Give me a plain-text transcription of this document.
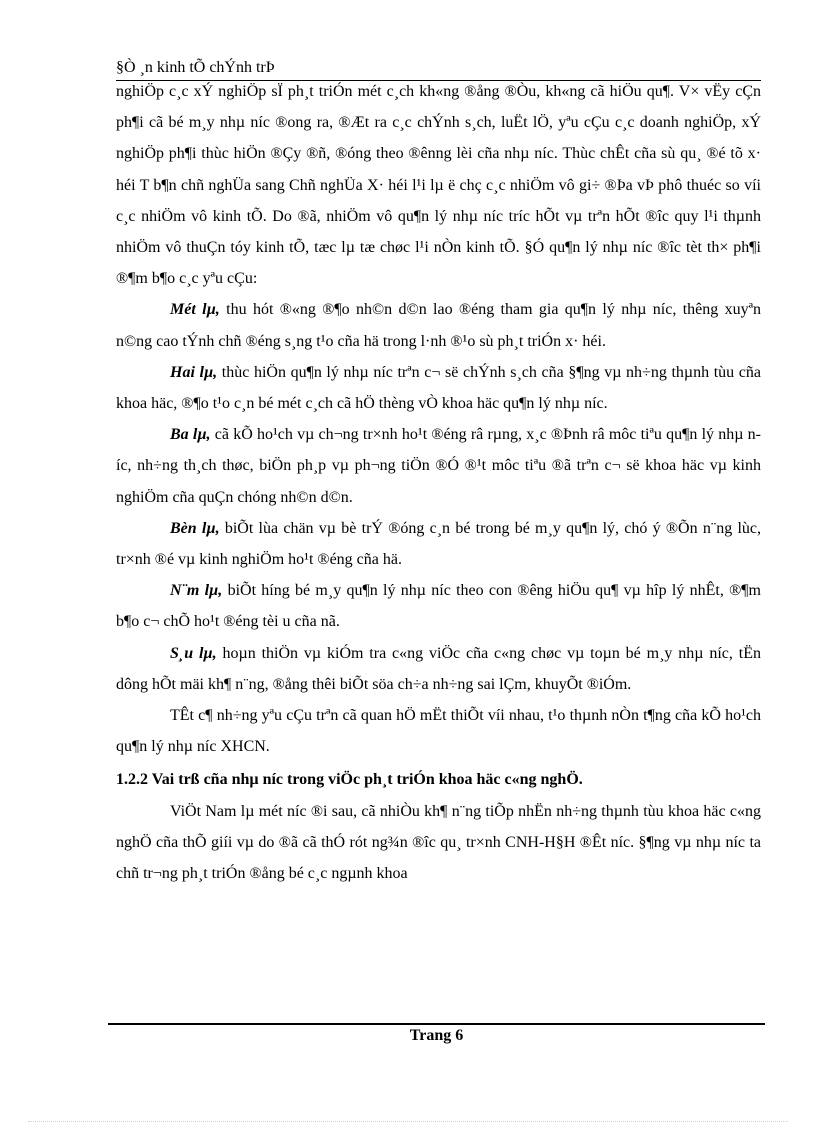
§Ò ¸n kinh tÕ chÝnh trÞ

nghiÖp c¸c xÝ nghiÖp sÏ ph¸t triÓn mét c¸ch kh«ng ®ång ®Òu, kh«ng cã hiÖu qu¶. V× vËy cÇn ph¶i cã bé m¸y nhµ níc ®ong ra, ®Æt ra c¸c chÝnh s¸ch, luËt lÖ, yªu cÇu c¸c doanh nghiÖp, xÝ nghiÖp ph¶i thùc hiÖn ®Çy ®ñ, ®óng theo ®ênng lèi cña nhµ níc. Thùc chÊt cña sù qu¸ ®é tõ x· héi T b¶n chñ nghÜa sang Chñ nghÜa X· héi l¹i lµ ë chç c¸c nhiÖm vô gi÷ ®Þa vÞ phô thuéc so víi c¸c nhiÖm vô kinh tÕ. Do ®ã, nhiÖm vô qu¶n lý nhµ níc tríc hÕt vµ trªn hÕt ®îc quy l¹i thµnh nhiÖm vô thuÇn tóy kinh tÕ, tæc lµ tæ chøc l¹i nÒn kinh tÕ. §Ó qu¶n lý nhµ níc ®îc tèt th× ph¶i ®¶m b¶o c¸c yªu cÇu:

Mét lµ, thu hót ®«ng ®¶o nh©n d©n lao ®éng tham gia qu¶n lý nhµ níc, thêng xuyªn n©ng cao tÝnh chñ ®éng s¸ng t¹o cña hä trong l·nh ®¹o sù ph¸t triÓn x· héi.

Hai lµ, thùc hiÖn qu¶n lý nhµ níc trªn c¬ së chÝnh s¸ch cña §¶ng vµ nh÷ng thµnh tùu cña khoa häc, ®¶o t¹o c¸n bé mét c¸ch cã hÖ thèng vÒ khoa häc qu¶n lý nhµ níc.

Ba lµ, cã kÕ ho¹ch vµ ch¬ng tr×nh ho¹t ®éng râ rµng, x¸c ®Þnh râ môc tiªu qu¶n lý nhµ níc, nh÷ng th¸ch thøc, biÖn ph¸p vµ ph¬ng tiÖn ®Ó ®¹t môc tiªu ®ã trªn c¬ së khoa häc vµ kinh nghiÖm cña quÇn chóng nh©n d©n.

Bèn lµ, biÕt lùa chän vµ bè trÝ ®óng c¸n bé trong bé m¸y qu¶n lý, chó ý ®Õn n¨ng lùc, tr×nh ®é vµ kinh nghiÖm ho¹t ®éng cña hä.

N¨m lµ, biÕt híng bé m¸y qu¶n lý nhµ níc theo con ®êng hiÖu qu¶ vµ hîp lý nhÊt, ®¶m b¶o c¬ chÕ ho¹t ®éng tèi u cña nã.

S¸u lµ, hoµn thiÖn vµ kiÓm tra c«ng viÖc cña c«ng chøc vµ toµn bé m¸y nhµ níc, tËn dông hÕt mäi kh¶ n¨ng, ®ång thêi biÕt söa ch÷a nh÷ng sai lÇm, khuyÕt ®iÓm.

TÊt c¶ nh÷ng yªu cÇu trªn cã quan hÖ mËt thiÕt víi nhau, t¹o thµnh nÒn t¶ng cña kÕ ho¹ch qu¶n lý nhµ níc XHCN.

1.2.2 Vai trß cña nhµ níc trong viÖc ph¸t triÓn khoa häc c«ng nghÖ.

ViÖt Nam lµ mét níc ®i sau, cã nhiÒu kh¶ n¨ng tiÕp nhËn nh÷ng thµnh tùu khoa häc c«ng nghÖ cña thÕ giíi vµ do ®ã cã thÓ rót ng¾n ®îc qu¸ tr×nh CNH-H§H ®Êt níc. §¶ng vµ nhµ níc ta chñ tr¬ng ph¸t triÓn ®ång bé c¸c ngµnh khoa

Trang 6
